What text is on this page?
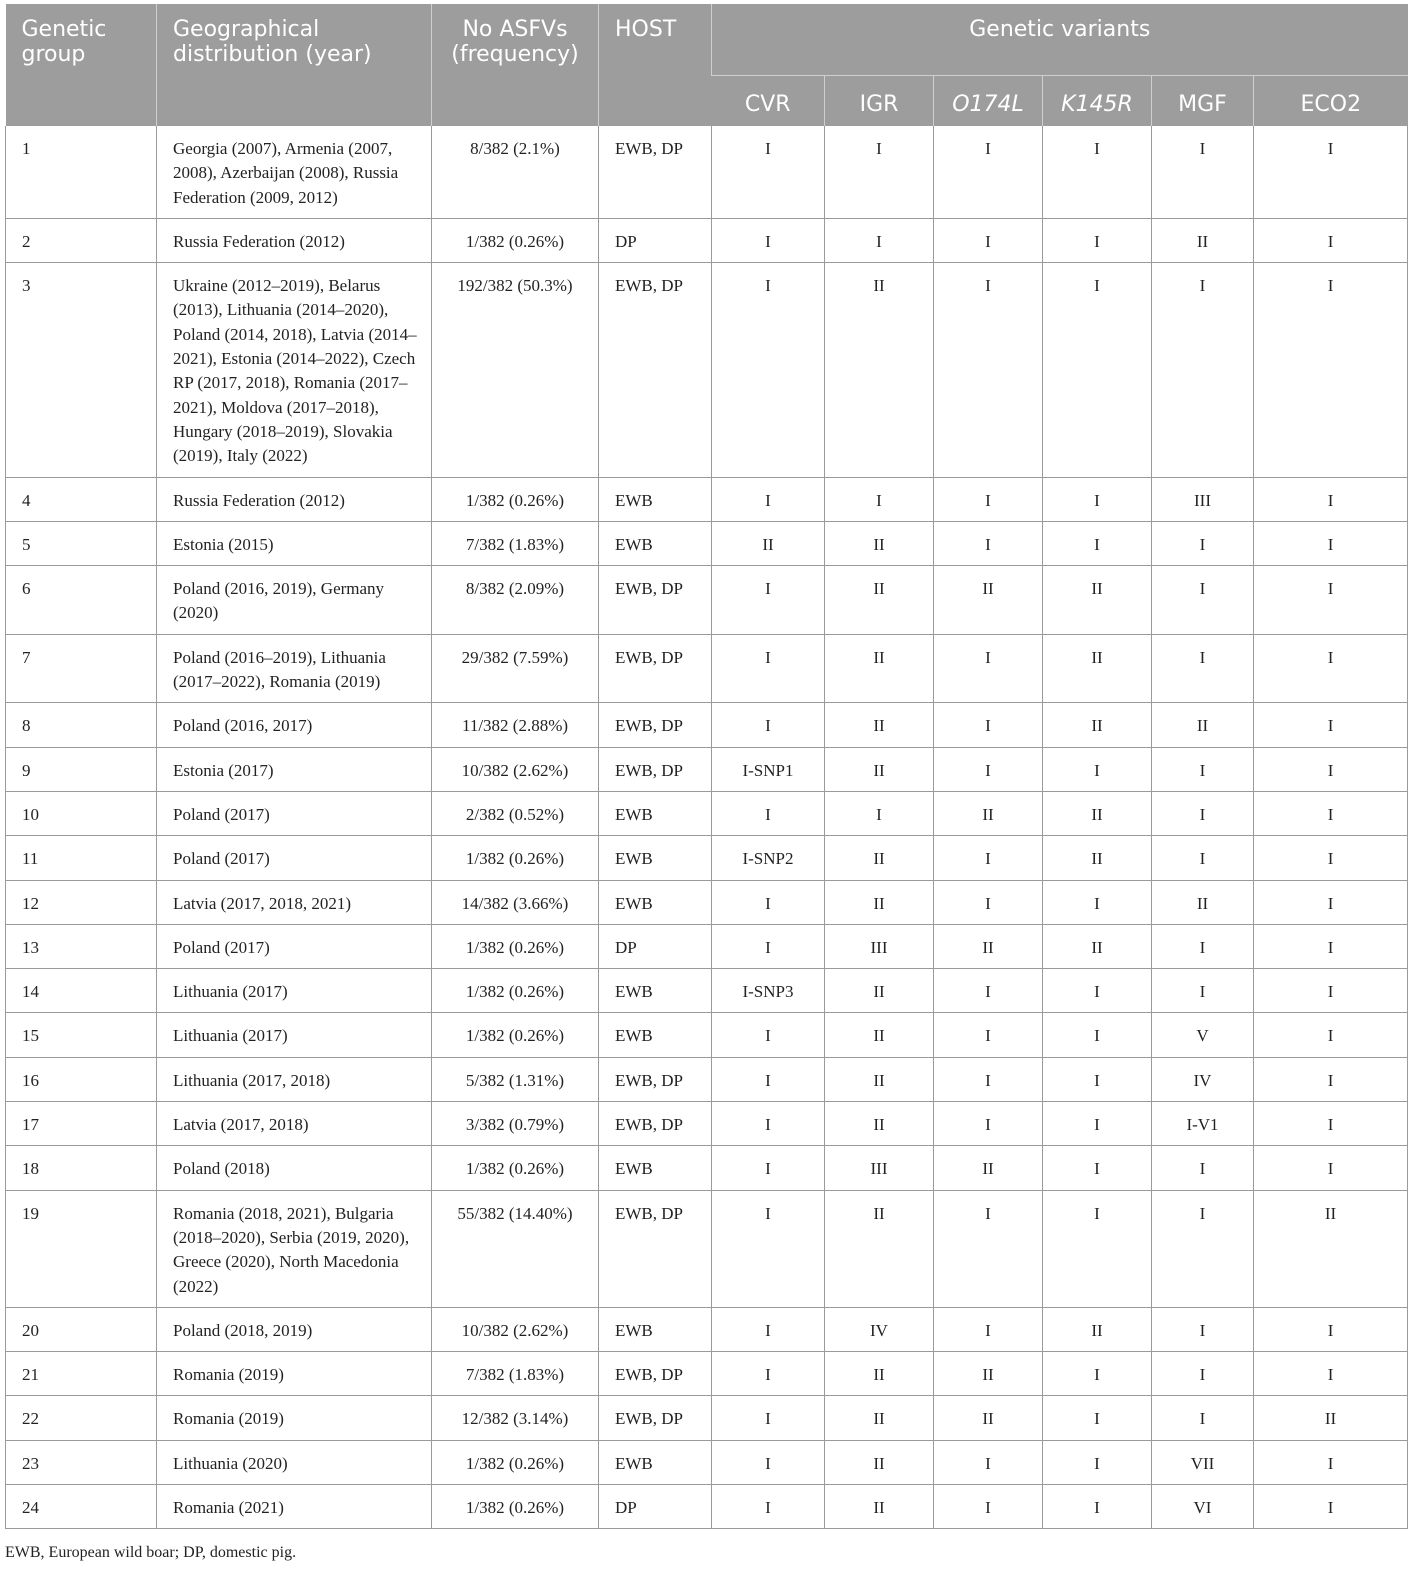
Genetic group	Geographical distribution (year)	No ASFVs (frequency)	HOST	Genetic variants					
				CVR	IGR	O174L	K145R	MGF	ECO2
1	Georgia (2007), Armenia (2007, 2008), Azerbaijan (2008), Russia Federation (2009, 2012)	8/382 (2.1%)	EWB, DP	I	I	I	I	I	I
2	Russia Federation (2012)	1/382 (0.26%)	DP	I	I	I	I	II	I
3	Ukraine (2012–2019), Belarus (2013), Lithuania (2014–2020), Poland (2014, 2018), Latvia (2014–2021), Estonia (2014–2022), Czech RP (2017, 2018), Romania (2017–2021), Moldova (2017–2018), Hungary (2018–2019), Slovakia (2019), Italy (2022)	192/382 (50.3%)	EWB, DP	I	II	I	I	I	I
4	Russia Federation (2012)	1/382 (0.26%)	EWB	I	I	I	I	III	I
5	Estonia (2015)	7/382 (1.83%)	EWB	II	II	I	I	I	I
6	Poland (2016, 2019), Germany (2020)	8/382 (2.09%)	EWB, DP	I	II	II	II	I	I
7	Poland (2016–2019), Lithuania (2017–2022), Romania (2019)	29/382 (7.59%)	EWB, DP	I	II	I	II	I	I
8	Poland (2016, 2017)	11/382 (2.88%)	EWB, DP	I	II	I	II	II	I
9	Estonia (2017)	10/382 (2.62%)	EWB, DP	I-SNP1	II	I	I	I	I
10	Poland (2017)	2/382 (0.52%)	EWB	I	I	II	II	I	I
11	Poland (2017)	1/382 (0.26%)	EWB	I-SNP2	II	I	II	I	I
12	Latvia (2017, 2018, 2021)	14/382 (3.66%)	EWB	I	II	I	I	II	I
13	Poland (2017)	1/382 (0.26%)	DP	I	III	II	II	I	I
14	Lithuania (2017)	1/382 (0.26%)	EWB	I-SNP3	II	I	I	I	I
15	Lithuania (2017)	1/382 (0.26%)	EWB	I	II	I	I	V	I
16	Lithuania (2017, 2018)	5/382 (1.31%)	EWB, DP	I	II	I	I	IV	I
17	Latvia (2017, 2018)	3/382 (0.79%)	EWB, DP	I	II	I	I	I-V1	I
18	Poland (2018)	1/382 (0.26%)	EWB	I	III	II	I	I	I
19	Romania (2018, 2021), Bulgaria (2018–2020), Serbia (2019, 2020), Greece (2020), North Macedonia (2022)	55/382 (14.40%)	EWB, DP	I	II	I	I	I	II
20	Poland (2018, 2019)	10/382 (2.62%)	EWB	I	IV	I	II	I	I
21	Romania (2019)	7/382 (1.83%)	EWB, DP	I	II	II	I	I	I
22	Romania (2019)	12/382 (3.14%)	EWB, DP	I	II	II	I	I	II
23	Lithuania (2020)	1/382 (0.26%)	EWB	I	II	I	I	VII	I
24	Romania (2021)	1/382 (0.26%)	DP	I	II	I	I	VI	I
EWB, European wild boar; DP, domestic pig.
